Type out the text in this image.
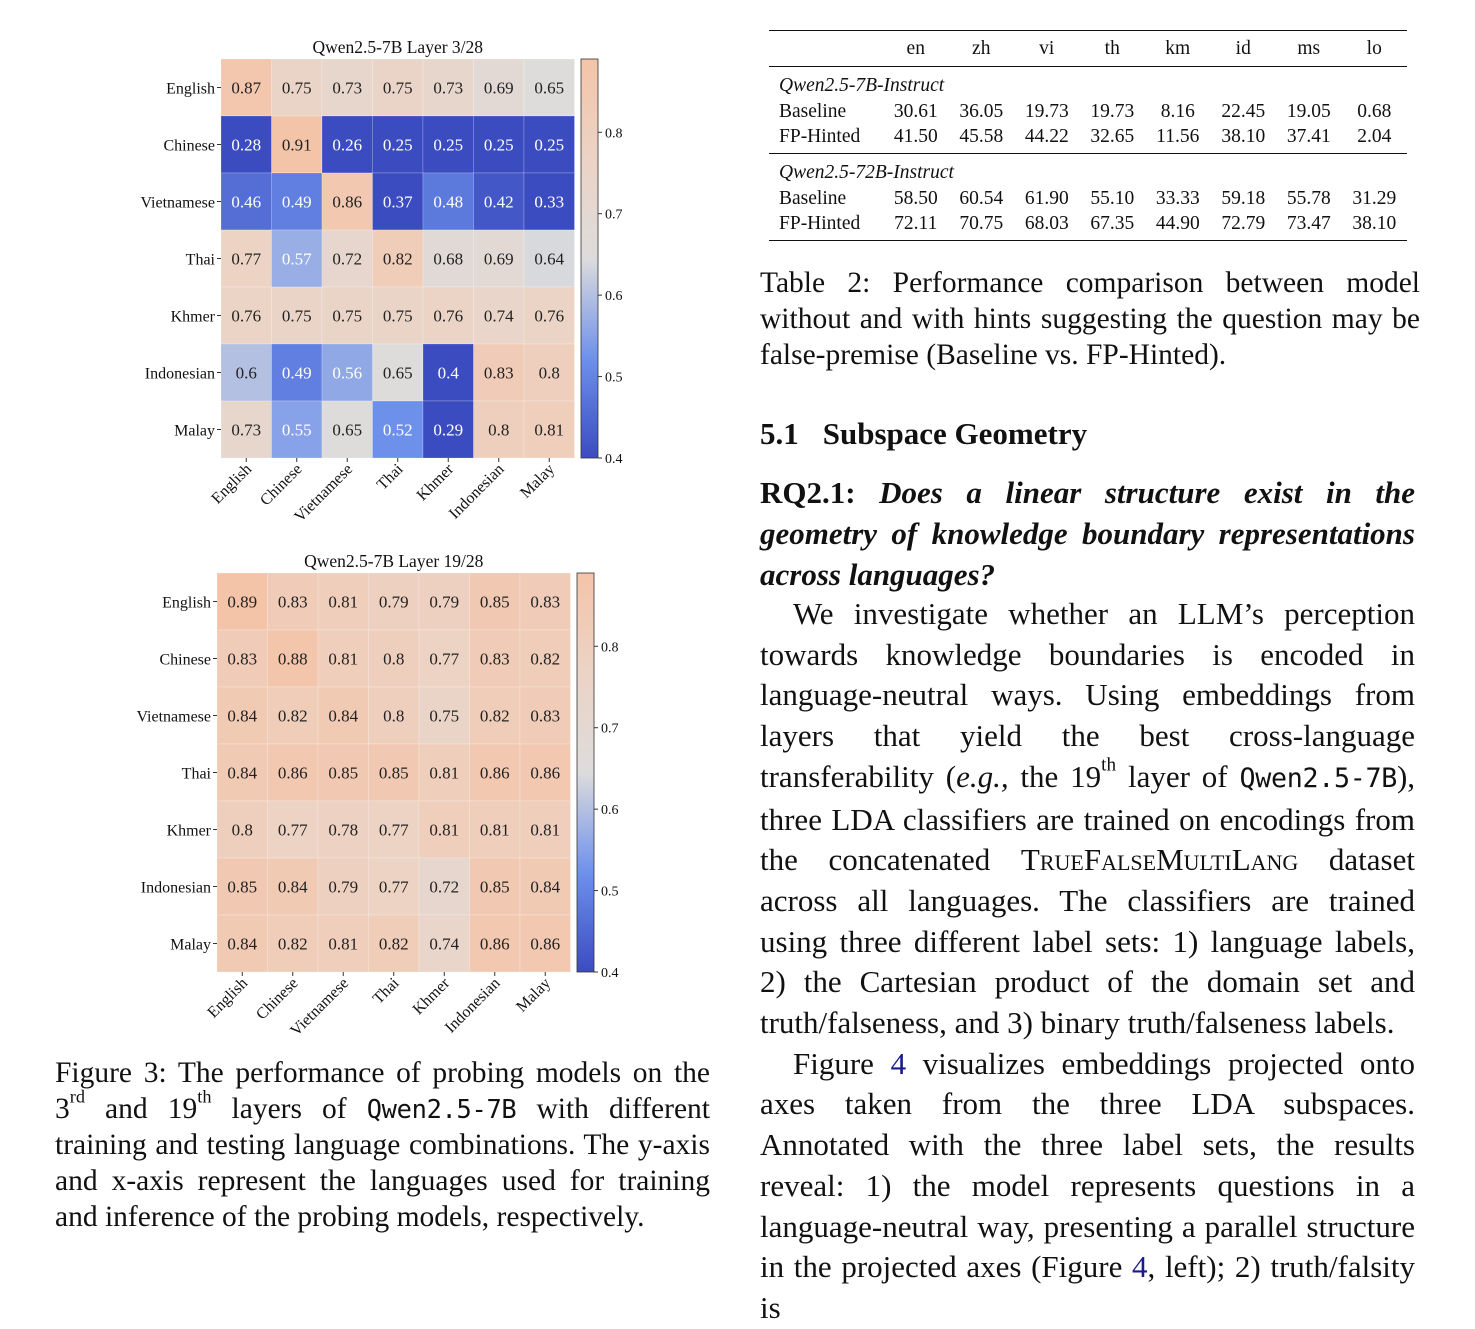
Qwen2.5-7B Layer 3/28
0.87 0.75 0.73 0.75 0.73 0.69 0.65
0.28 0.91 0.26 0.25 0.25 0.25 0.25
0.46 0.49 0.86 0.37 0.48 0.42 0.33
0.77 0.57 0.72 0.82 0.68 0.69 0.64
0.76 0.75 0.75 0.75 0.76 0.74 0.76
0.6 0.49 0.56 0.65 0.4 0.83 0.8
0.73 0.55 0.65 0.52 0.29 0.8 0.81
English
Chinese
Vietnamese
Thai
Khmer
Indonesian
Malay
English Chinese
Vietnamese Thai Khmer
Indonesian Malay
0.4
0.5
0.6
0.7
0.8
Qwen2.5-7B Layer 19/28
0.89 0.83 0.81 0.79 0.79 0.85 0.83
0.83 0.88 0.81 0.8 0.77 0.83 0.82
0.84 0.82 0.84 0.8 0.75 0.82 0.83
0.84 0.86 0.85 0.85 0.81 0.86 0.86
0.8 0.77 0.78 0.77 0.81 0.81 0.81
0.85 0.84 0.79 0.77 0.72 0.85 0.84
0.84 0.82 0.81 0.82 0.74 0.86 0.86
English
Chinese
Vietnamese
Thai
Khmer
Indonesian
Malay
English Chinese
Vietnamese Thai Khmer
Indonesian Malay
0.4
0.5
0.6
0.7
0.8
Figure 3: The performance of probing models on the 3rd and 19th layers of Qwen2.5-7B with different training and testing language combinations. The y-axis and x-axis represent the languages used for training and inference of the probing models, respectively.
	en	zh	vi	th	km	id	ms	lo
Qwen2.5-7B-Instruct								
Baseline	30.61	36.05	19.73	19.73	8.16	22.45	19.05	0.68
FP-Hinted	41.50	45.58	44.22	32.65	11.56	38.10	37.41	2.04
Qwen2.5-72B-Instruct								
Baseline	58.50	60.54	61.90	55.10	33.33	59.18	55.78	31.29
FP-Hinted	72.11	70.75	68.03	67.35	44.90	72.79	73.47	38.10
Table 2: Performance comparison between model without and with hints suggesting the question may be false-premise (Baseline vs. FP-Hinted).
5.1 Subspace Geometry
RQ2.1: Does a linear structure exist in the geometry of knowledge boundary representations across languages?

We investigate whether an LLM’s perception towards knowledge boundaries is encoded in language-neutral ways. Using embeddings from layers that yield the best cross-language transferability (e.g., the 19th layer of Qwen2.5-7B), three LDA classifiers are trained on encodings from the concatenated TrueFalseMultiLang dataset across all languages. The classifiers are trained using three different label sets: 1) language labels, 2) the Cartesian product of the domain set and truth/falseness, and 3) binary truth/falseness labels.

Figure 4 visualizes embeddings projected onto axes taken from the three LDA subspaces. Annotated with the three label sets, the results reveal: 1) the model represents questions in a language-neutral way, presenting a parallel structure in the projected axes (Figure 4, left); 2) truth/falsity is
